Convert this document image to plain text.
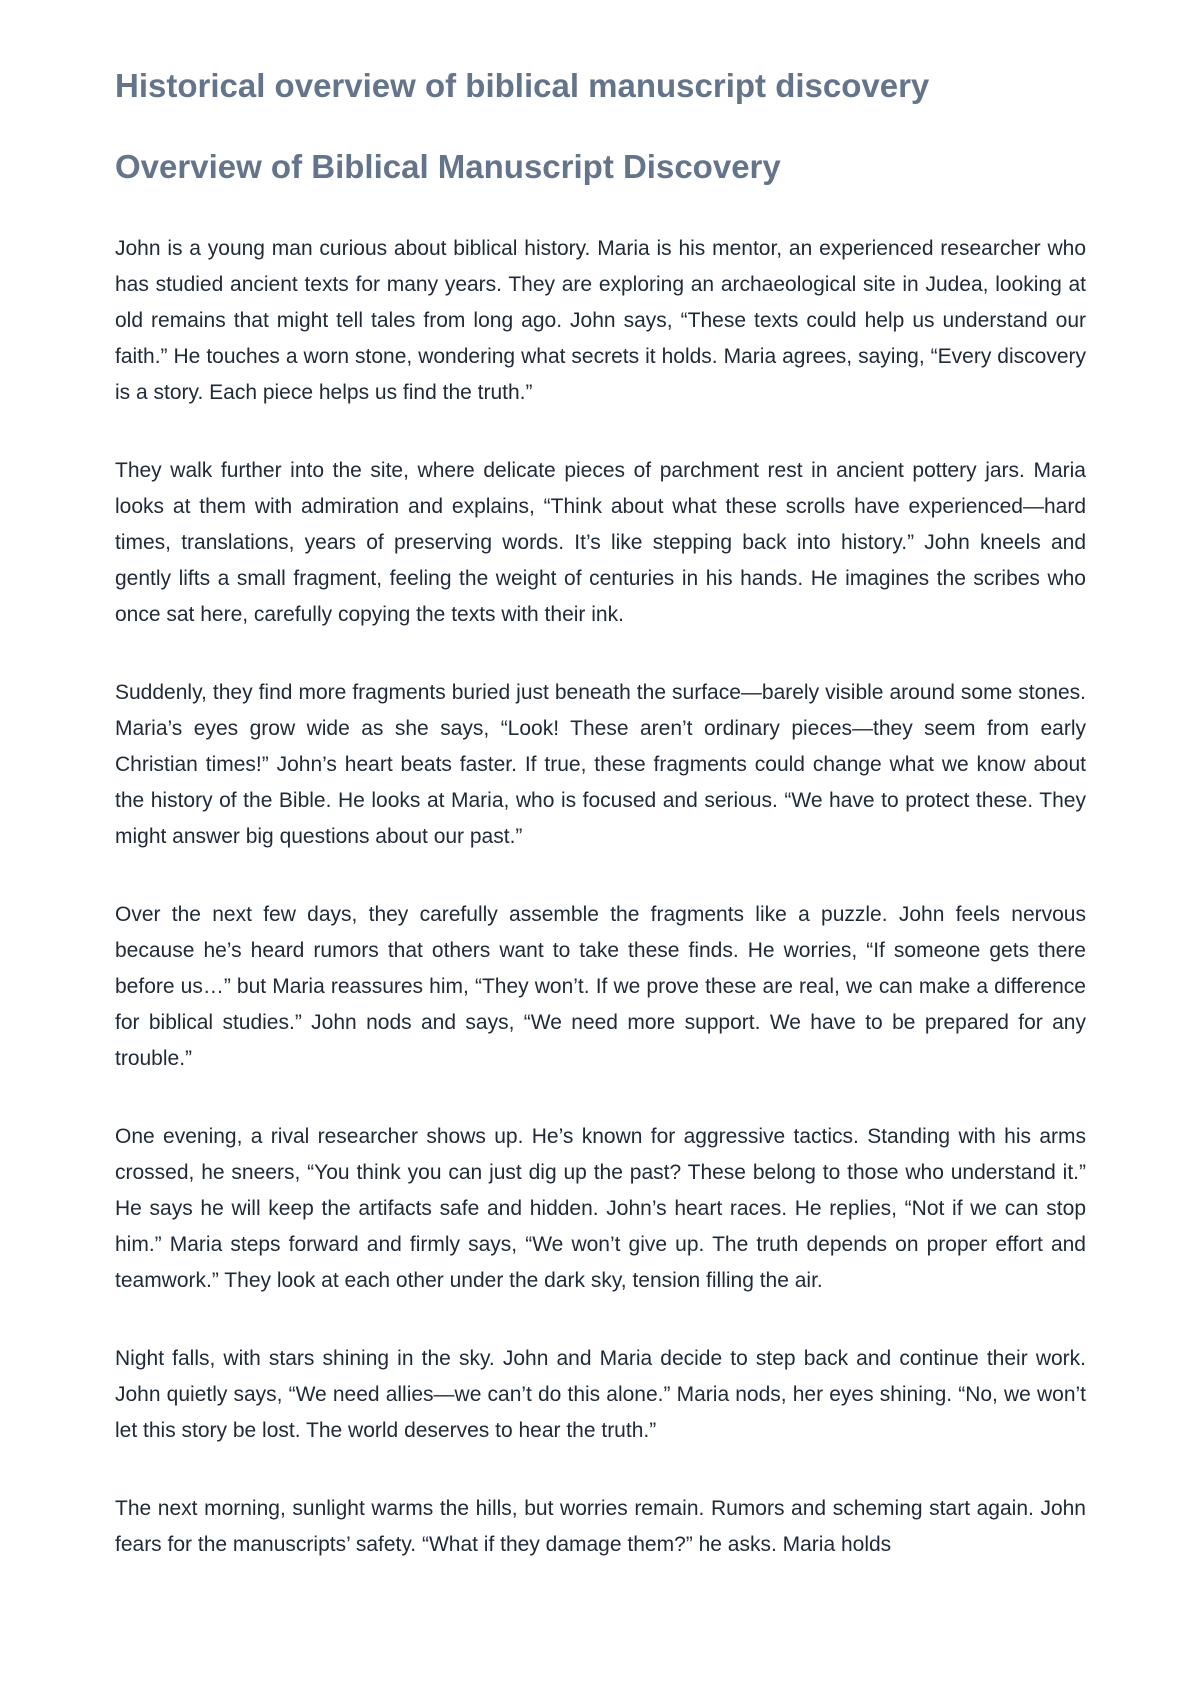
Historical overview of biblical manuscript discovery
Overview of Biblical Manuscript Discovery

John is a young man curious about biblical history. Maria is his mentor, an experienced researcher who has studied ancient texts for many years. They are exploring an archaeological site in Judea, looking at old remains that might tell tales from long ago. John says, “These texts could help us understand our faith.” He touches a worn stone, wondering what secrets it holds. Maria agrees, saying, “Every discovery is a story. Each piece helps us find the truth.”

They walk further into the site, where delicate pieces of parchment rest in ancient pottery jars. Maria looks at them with admiration and explains, “Think about what these scrolls have experienced—hard times, translations, years of preserving words. It’s like stepping back into history.” John kneels and gently lifts a small fragment, feeling the weight of centuries in his hands. He imagines the scribes who once sat here, carefully copying the texts with their ink.

Suddenly, they find more fragments buried just beneath the surface—barely visible around some stones. Maria’s eyes grow wide as she says, “Look! These aren’t ordinary pieces—they seem from early Christian times!” John’s heart beats faster. If true, these fragments could change what we know about the history of the Bible. He looks at Maria, who is focused and serious. “We have to protect these. They might answer big questions about our past.”

Over the next few days, they carefully assemble the fragments like a puzzle. John feels nervous because he’s heard rumors that others want to take these finds. He worries, “If someone gets there before us…” but Maria reassures him, “They won’t. If we prove these are real, we can make a difference for biblical studies.” John nods and says, “We need more support. We have to be prepared for any trouble.”

One evening, a rival researcher shows up. He’s known for aggressive tactics. Standing with his arms crossed, he sneers, “You think you can just dig up the past? These belong to those who understand it.” He says he will keep the artifacts safe and hidden. John’s heart races. He replies, “Not if we can stop him.” Maria steps forward and firmly says, “We won’t give up. The truth depends on proper effort and teamwork.” They look at each other under the dark sky, tension filling the air.

Night falls, with stars shining in the sky. John and Maria decide to step back and continue their work. John quietly says, “We need allies—we can’t do this alone.” Maria nods, her eyes shining. “No, we won’t let this story be lost. The world deserves to hear the truth.”

The next morning, sunlight warms the hills, but worries remain. Rumors and scheming start again. John fears for the manuscripts’ safety. “What if they damage them?” he asks. Maria holds
